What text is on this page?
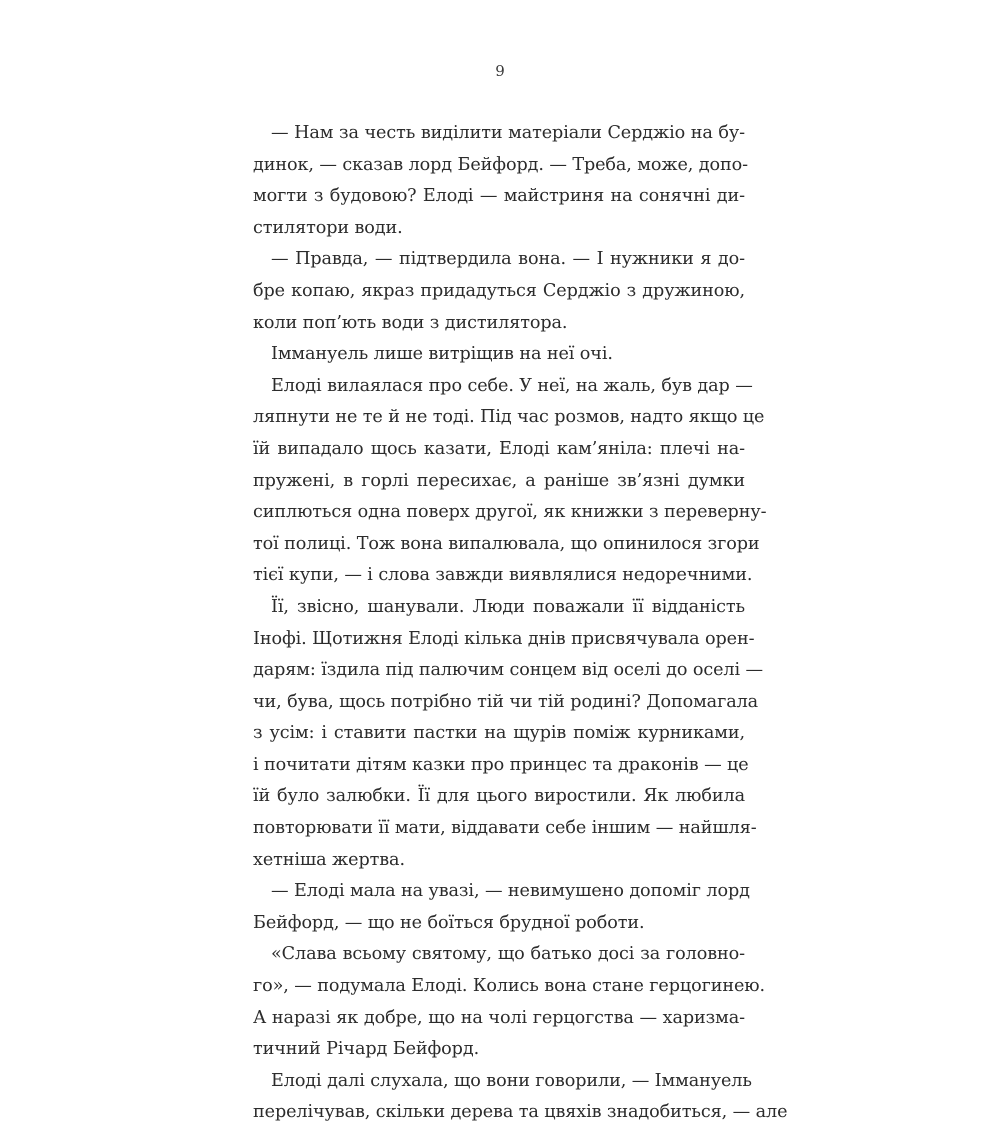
9
— Нам за честь виділити матеріали Серджіо на бу-
динок, — сказав лорд Бейфорд. — Треба, може, допо-
могти з будовою? Елоді — майстриня на сонячні ди-
стилятори води.
— Правда, — підтвердила вона. — І нужники я до-
бре копаю, якраз придадуться Серджіо з дружиною,
коли поп’ють води з дистилятора.
Іммануель лише витріщив на неї очі.
Елоді вилаялася про себе. У неї, на жаль, був дар —
ляпнути не те й не тоді. Під час розмов, надто якщо це
їй випадало щось казати, Елоді кам’яніла: плечі на-
пружені, в горлі пересихає, а раніше зв’язні думки
сиплються одна поверх другої, як книжки з переверну-
тої полиці. Тож вона випалювала, що опинилося згори
тієї купи, — і слова завжди виявлялися недоречними.
Її, звісно, шанували. Люди поважали її відданість
Інофі. Щотижня Елоді кілька днів присвячувала орен-
дарям: їздила під палючим сонцем від оселі до оселі —
чи, бува, щось потрібно тій чи тій родині? Допомагала
з усім: і ставити пастки на щурів поміж курниками,
і почитати дітям казки про принцес та драконів — це
їй було залюбки. Її для цього виростили. Як любила
повторювати її мати, віддавати себе іншим — найшля-
хетніша жертва.
— Елоді мала на увазі, — невимушено допоміг лорд
Бейфорд, — що не боїться брудної роботи.
«Слава всьому святому, що батько досі за головно-
го», — подумала Елоді. Колись вона стане герцогинею.
А наразі як добре, що на чолі герцогства — харизма-
тичний Річард Бейфорд.
Елоді далі слухала, що вони говорили, — Іммануель
перелічував, скільки дерева та цвяхів знадобиться, — але
